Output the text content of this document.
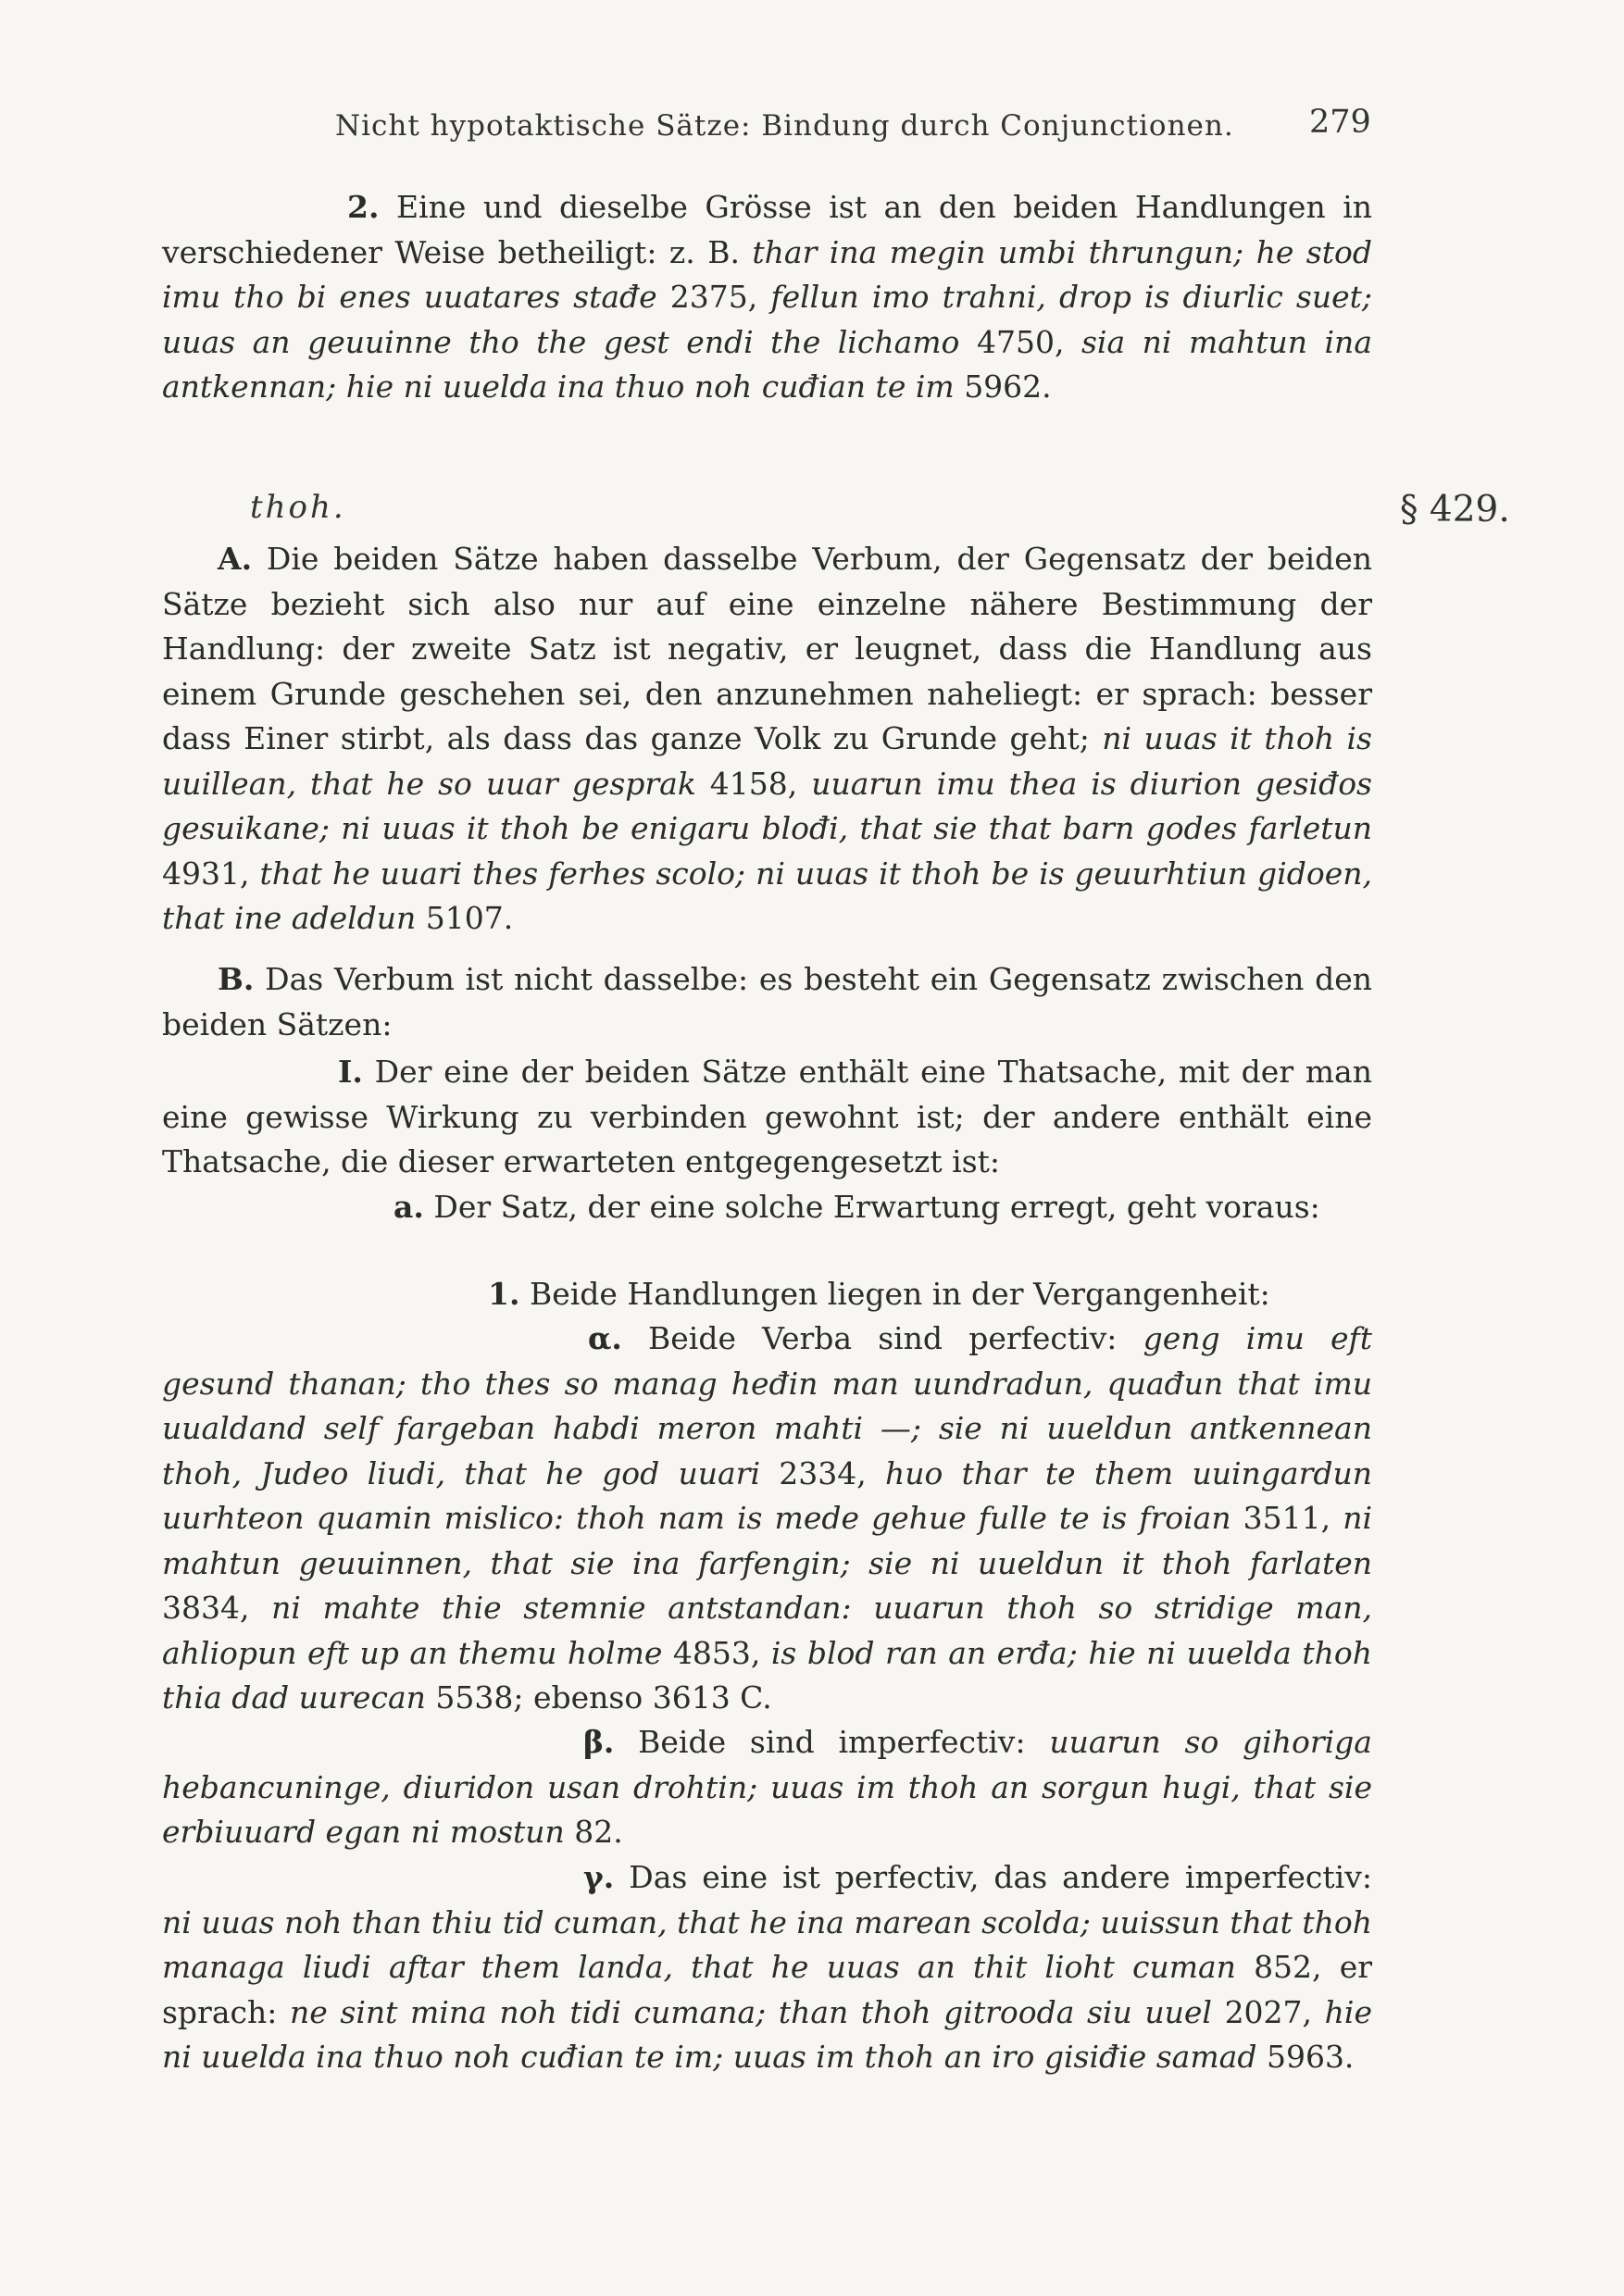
Nicht hypotaktische Sätze: Bindung durch Conjunctionen. 279

2. Eine und dieselbe Grösse ist an den beiden Handlungen in verschiedener Weise betheiligt: z. B. thar ina megin umbi thrungun; he stod imu tho bi enes uuatares stađe 2375, fellun imo trahni, drop is diurlic suet; uuas an geuuinne tho the gest endi the lichamo 4750, sia ni mahtun ina antkennan; hie ni uuelda ina thuo noh cuđian te im 5962.

thoh.	§ 429.

A. Die beiden Sätze haben dasselbe Verbum, der Gegensatz der beiden Sätze bezieht sich also nur auf eine einzelne nähere Bestimmung der Handlung: der zweite Satz ist negativ, er leugnet, dass die Handlung aus einem Grunde geschehen sei, den anzunehmen naheliegt: er sprach: besser dass Einer stirbt, als dass das ganze Volk zu Grunde geht; ni uuas it thoh is uuillean, that he so uuar gesprak 4158, uuarun imu thea is diurion gesiđos gesuikane; ni uuas it thoh be enigaru blođi, that sie that barn godes farletun 4931, that he uuari thes ferhes scolo; ni uuas it thoh be is geuurhtiun gidoen, that ine adeldun 5107.

B. Das Verbum ist nicht dasselbe: es besteht ein Gegensatz zwischen den beiden Sätzen:

I. Der eine der beiden Sätze enthält eine Thatsache, mit der man eine gewisse Wirkung zu verbinden gewohnt ist; der andere enthält eine Thatsache, die dieser erwarteten entgegengesetzt ist:

a. Der Satz, der eine solche Erwartung erregt, geht voraus:

1. Beide Handlungen liegen in der Vergangenheit:

α. Beide Verba sind perfectiv: geng imu eft gesund thanan; tho thes so manag heđin man uundradun, quađun that imu uualdand self fargeban habdi meron mahti —; sie ni uueldun antkennean thoh, Judeo liudi, that he god uuari 2334, huo thar te them uuingardun uurhteon quamin mislico: thoh nam is mede gehue fulle te is froian 3511, ni mahtun geuuinnen, that sie ina farfengin; sie ni uueldun it thoh farlaten 3834, ni mahte thie stemnie antstandan: uuarun thoh so stridige man, ahliopun eft up an themu holme 4853, is blod ran an erđa; hie ni uuelda thoh thia dad uurecan 5538; ebenso 3613 C.

β. Beide sind imperfectiv: uuarun so gihoriga hebancuninge, diuridon usan drohtin; uuas im thoh an sorgun hugi, that sie erbiuuard egan ni mostun 82.

γ. Das eine ist perfectiv, das andere imperfectiv: ni uuas noh than thiu tid cuman, that he ina marean scolda; uuissun that thoh managa liudi aftar them landa, that he uuas an thit lioht cuman 852, er sprach: ne sint mina noh tidi cumana; than thoh gitrooda siu uuel 2027, hie ni uuelda ina thuo noh cuđian te im; uuas im thoh an iro gisiđie samad 5963.
